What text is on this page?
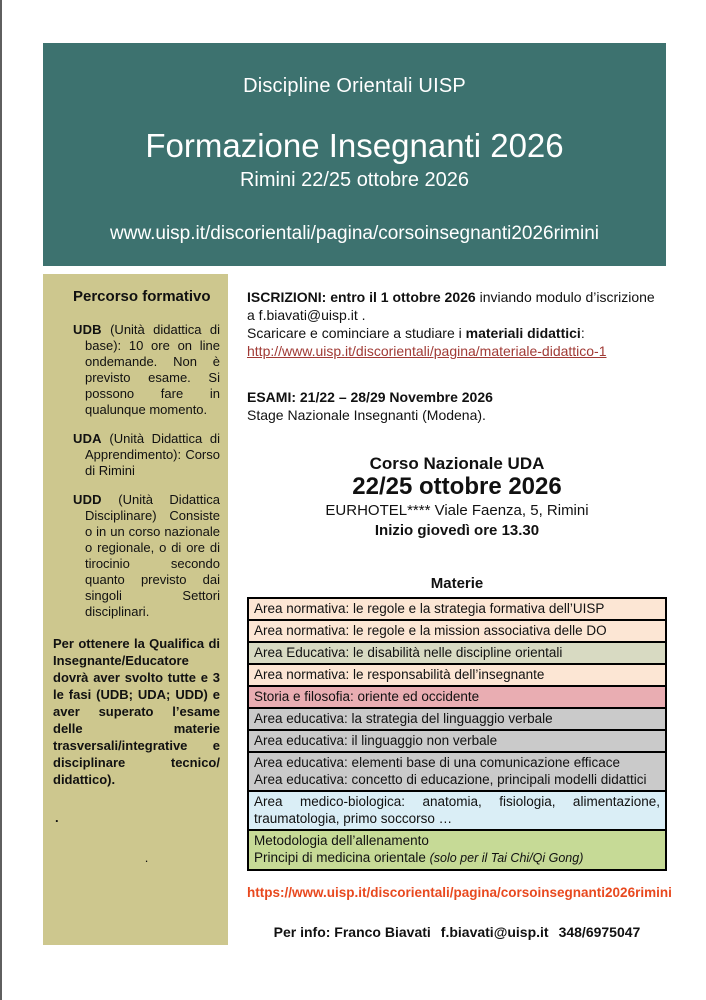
Discipline Orientali UISP
Formazione Insegnanti 2026
Rimini 22/25 ottobre 2026
www.uisp.it/discorientali/pagina/corsoinsegnanti2026rimini
Percorso formativo
UDB (Unità didattica di base): 10 ore on line ondemande. Non è previsto esame. Si possono fare in qualunque momento.
UDA (Unità Didattica di Apprendimento): Corso di Rimini
UDD (Unità Didattica Disciplinare) Consiste o in un corso nazionale o regionale, o di ore di tirocinio secondo quanto previsto dai singoli Settori disciplinari.
Per ottenere la Qualifica di Insegnante/Educatore dovrà aver svolto tutte e 3 le fasi (UDB; UDA; UDD) e aver superato l’esame delle materie trasversali/integrative e disciplinare tecnico/ didattico).
.
.
ISCRIZIONI: entro il 1 ottobre 2026 inviando modulo d’iscrizione
a f.biavati@uisp.it .
Scaricare e cominciare a studiare i materiali didattici:
http://www.uisp.it/discorientali/pagina/materiale-didattico-1
ESAMI: 21/22 – 28/29 Novembre 2026
Stage Nazionale Insegnanti (Modena).
Corso Nazionale UDA
22/25 ottobre 2026
EURHOTEL**** Viale Faenza, 5, Rimini
Inizio giovedì ore 13.30
Materie
Area normativa: le regole e la strategia formativa dell’UISP
Area normativa: le regole e la mission associativa delle DO
Area Educativa: le disabilità nelle discipline orientali
Area normativa: le responsabilità dell’insegnante
Storia e filosofia: oriente ed occidente
Area educativa: la strategia del linguaggio verbale
Area educativa: il linguaggio non verbale
Area educativa: elementi base di una comunicazione efficace
Area educativa: concetto di educazione, principali modelli didattici
Area medico-biologica: anatomia, fisiologia, alimentazione,
traumatologia, primo soccorso …
Metodologia dell’allenamento
Principi di medicina orientale (solo per il Tai Chi/Qi Gong)
https://www.uisp.it/discorientali/pagina/corsoinsegnanti2026rimini
Per info: Franco Biavati f.biavati@uisp.it 348/6975047
